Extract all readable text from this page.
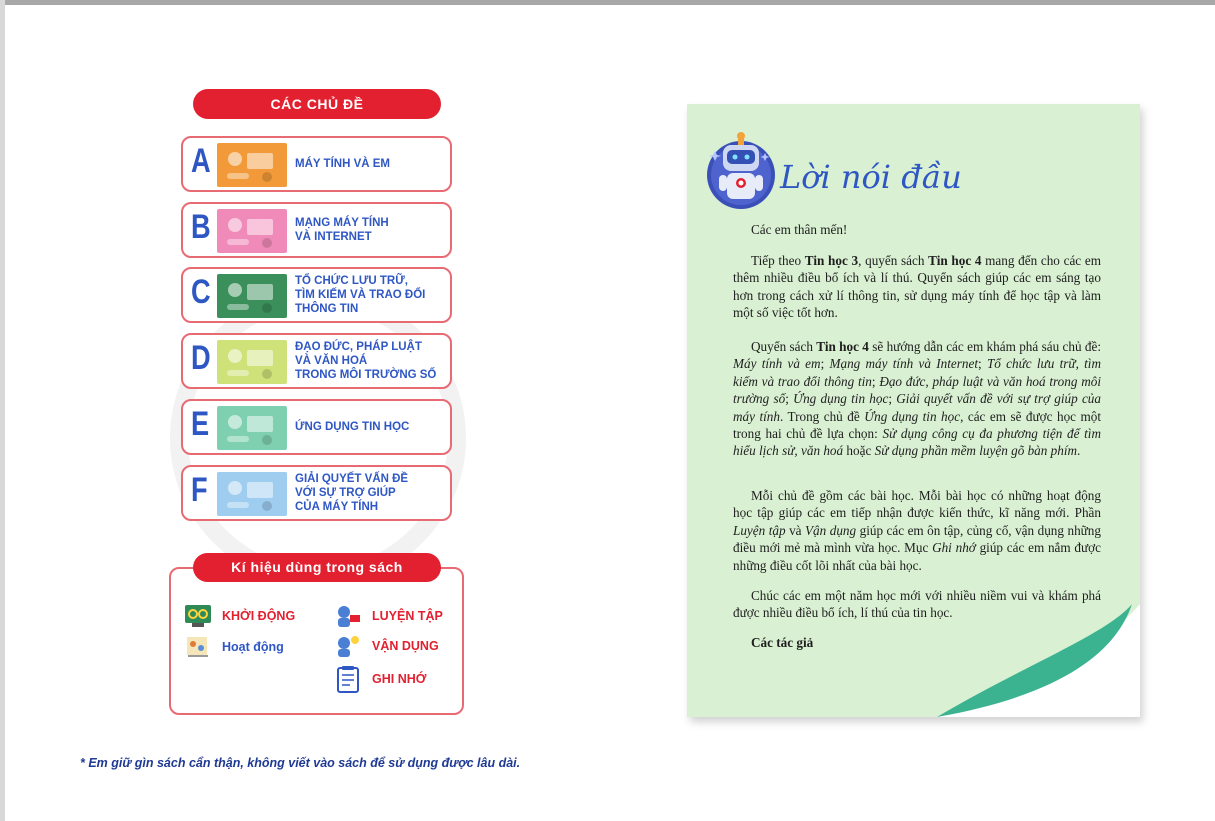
CÁC CHỦ ĐỀ
A	MÁY TÍNH VÀ EM
B	MẠNG MÁY TÍNH
VÀ INTERNET
C	TỔ CHỨC LƯU TRỮ,
TÌM KIẾM VÀ TRAO ĐỔI
THÔNG TIN
D	ĐẠO ĐỨC, PHÁP LUẬT
VÀ VĂN HOÁ
TRONG MÔI TRƯỜNG SỐ
E	ỨNG DỤNG TIN HỌC
F	GIẢI QUYẾT VẤN ĐỀ
VỚI SỰ TRỢ GIÚP
CỦA MÁY TÍNH
Kí hiệu dùng trong sách
KHỞI ĐỘNG
Hoạt động
LUYỆN TẬP
VẬN DỤNG
GHI NHỚ
* Em giữ gìn sách cẩn thận, không viết vào sách để sử dụng được lâu dài.
Lời nói đầu

Các em thân mến!

Tiếp theo Tin học 3, quyển sách Tin học 4 mang đến cho các em thêm nhiều điều bổ ích và lí thú. Quyển sách giúp các em sáng tạo hơn trong cách xử lí thông tin, sử dụng máy tính để học tập và làm một số việc tốt hơn.

Quyển sách Tin học 4 sẽ hướng dẫn các em khám phá sáu chủ đề: Máy tính và em; Mạng máy tính và Internet; Tổ chức lưu trữ, tìm kiếm và trao đổi thông tin; Đạo đức, pháp luật và văn hoá trong môi trường số; Ứng dụng tin học; Giải quyết vấn đề với sự trợ giúp của máy tính. Trong chủ đề Ứng dụng tin học, các em sẽ được học một trong hai chủ đề lựa chọn: Sử dụng công cụ đa phương tiện để tìm hiểu lịch sử, văn hoá hoặc Sử dụng phần mềm luyện gõ bàn phím.

Mỗi chủ đề gồm các bài học. Mỗi bài học có những hoạt động học tập giúp các em tiếp nhận được kiến thức, kĩ năng mới. Phần Luyện tập và Vận dụng giúp các em ôn tập, củng cố, vận dụng những điều mới mẻ mà mình vừa học. Mục Ghi nhớ giúp các em nắm được những điều cốt lõi nhất của bài học.

Chúc các em một năm học mới với nhiều niềm vui và khám phá được nhiều điều bổ ích, lí thú của tin học.

Các tác giả
